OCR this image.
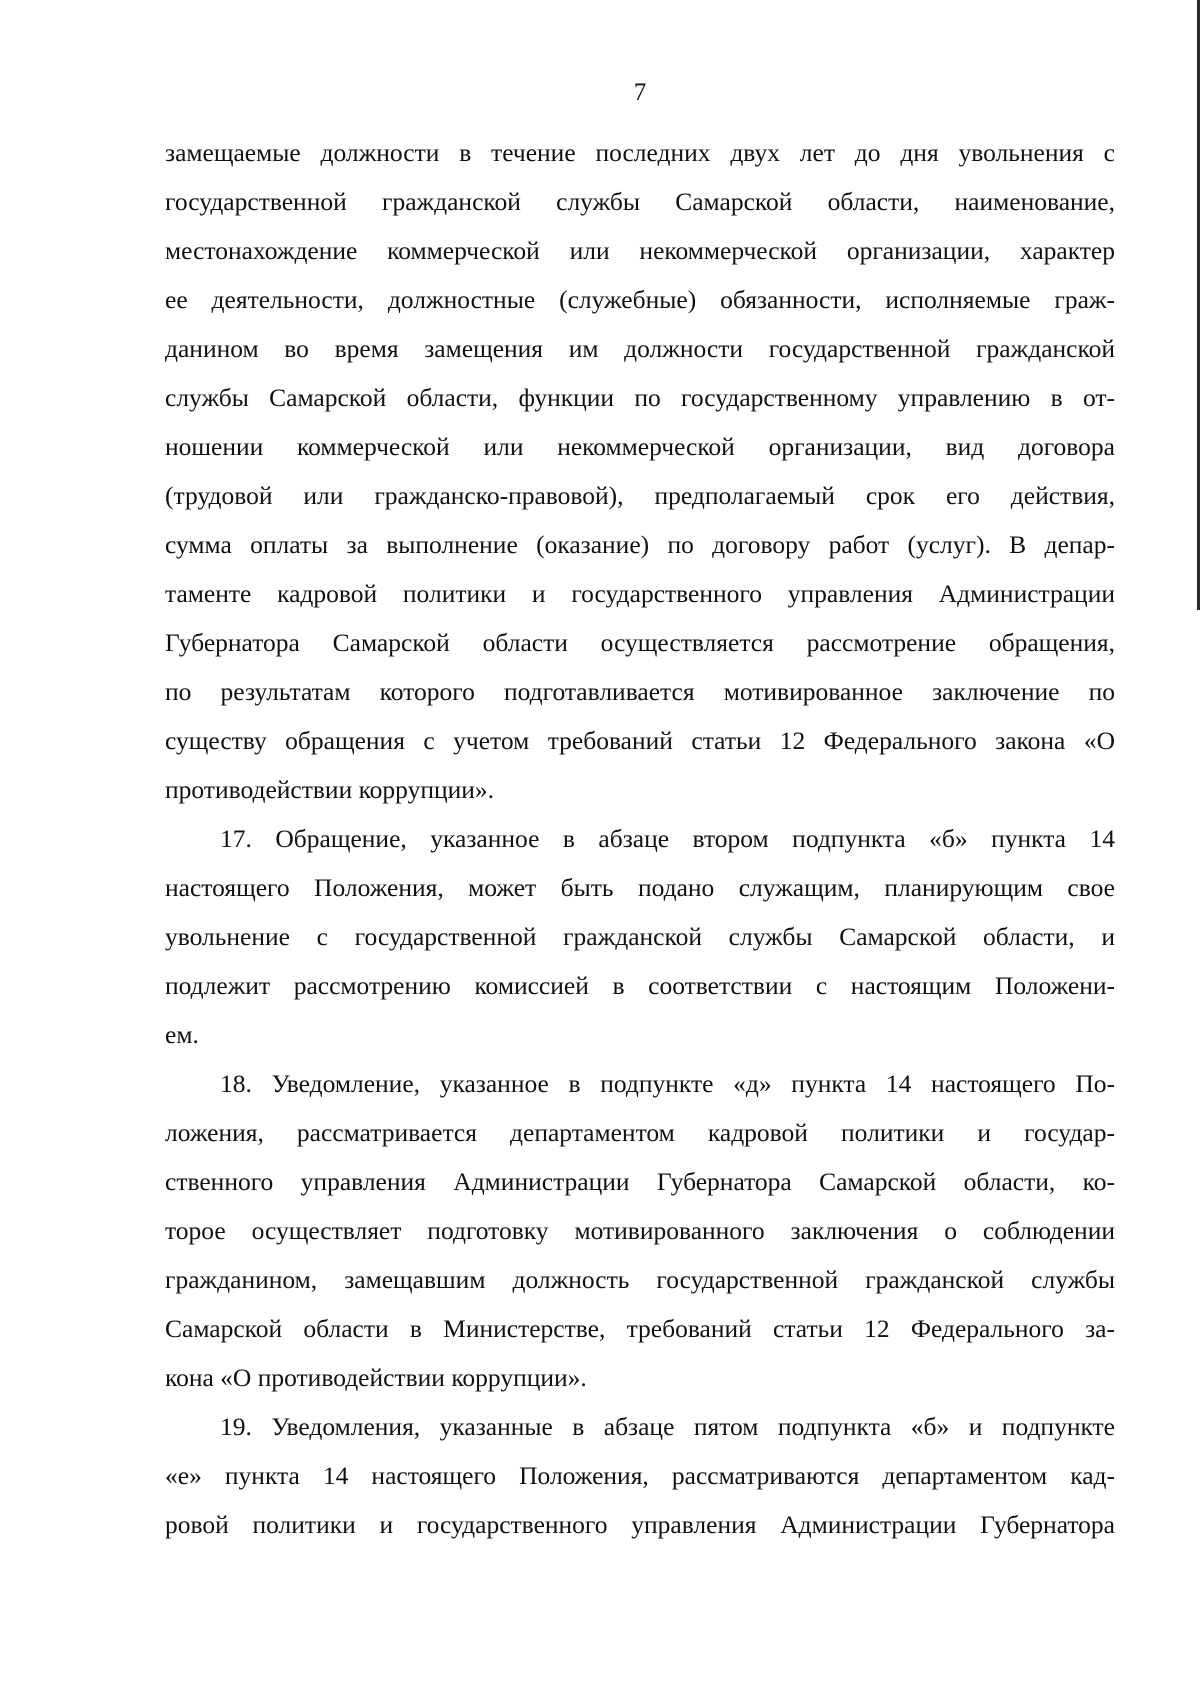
7
замещаемые должности в течение последних двух лет до дня увольнения с
государственной гражданской службы Самарской области, наименование,
местонахождение коммерческой или некоммерческой организации, характер
ее деятельности, должностные (служебные) обязанности, исполняемые граж-
данином во время замещения им должности государственной гражданской
службы Самарской области, функции по государственному управлению в от-
ношении коммерческой или некоммерческой организации, вид договора
(трудовой или гражданско-правовой), предполагаемый срок его действия,
сумма оплаты за выполнение (оказание) по договору работ (услуг). В депар-
таменте кадровой политики и государственного управления Администрации
Губернатора Самарской области осуществляется рассмотрение обращения,
по результатам которого подготавливается мотивированное заключение по
существу обращения с учетом требований статьи 12 Федерального закона «О
противодействии коррупции».
17. Обращение, указанное в абзаце втором подпункта «б» пункта 14
настоящего Положения, может быть подано служащим, планирующим свое
увольнение с государственной гражданской службы Самарской области, и
подлежит рассмотрению комиссией в соответствии с настоящим Положени-
ем.
18. Уведомление, указанное в подпункте «д» пункта 14 настоящего По-
ложения, рассматривается департаментом кадровой политики и государ-
ственного управления Администрации Губернатора Самарской области, ко-
торое осуществляет подготовку мотивированного заключения о соблюдении
гражданином, замещавшим должность государственной гражданской службы
Самарской области в Министерстве, требований статьи 12 Федерального за-
кона «О противодействии коррупции».
19. Уведомления, указанные в абзаце пятом подпункта «б» и подпункте
«е» пункта 14 настоящего Положения, рассматриваются департаментом кад-
ровой политики и государственного управления Администрации Губернатора
